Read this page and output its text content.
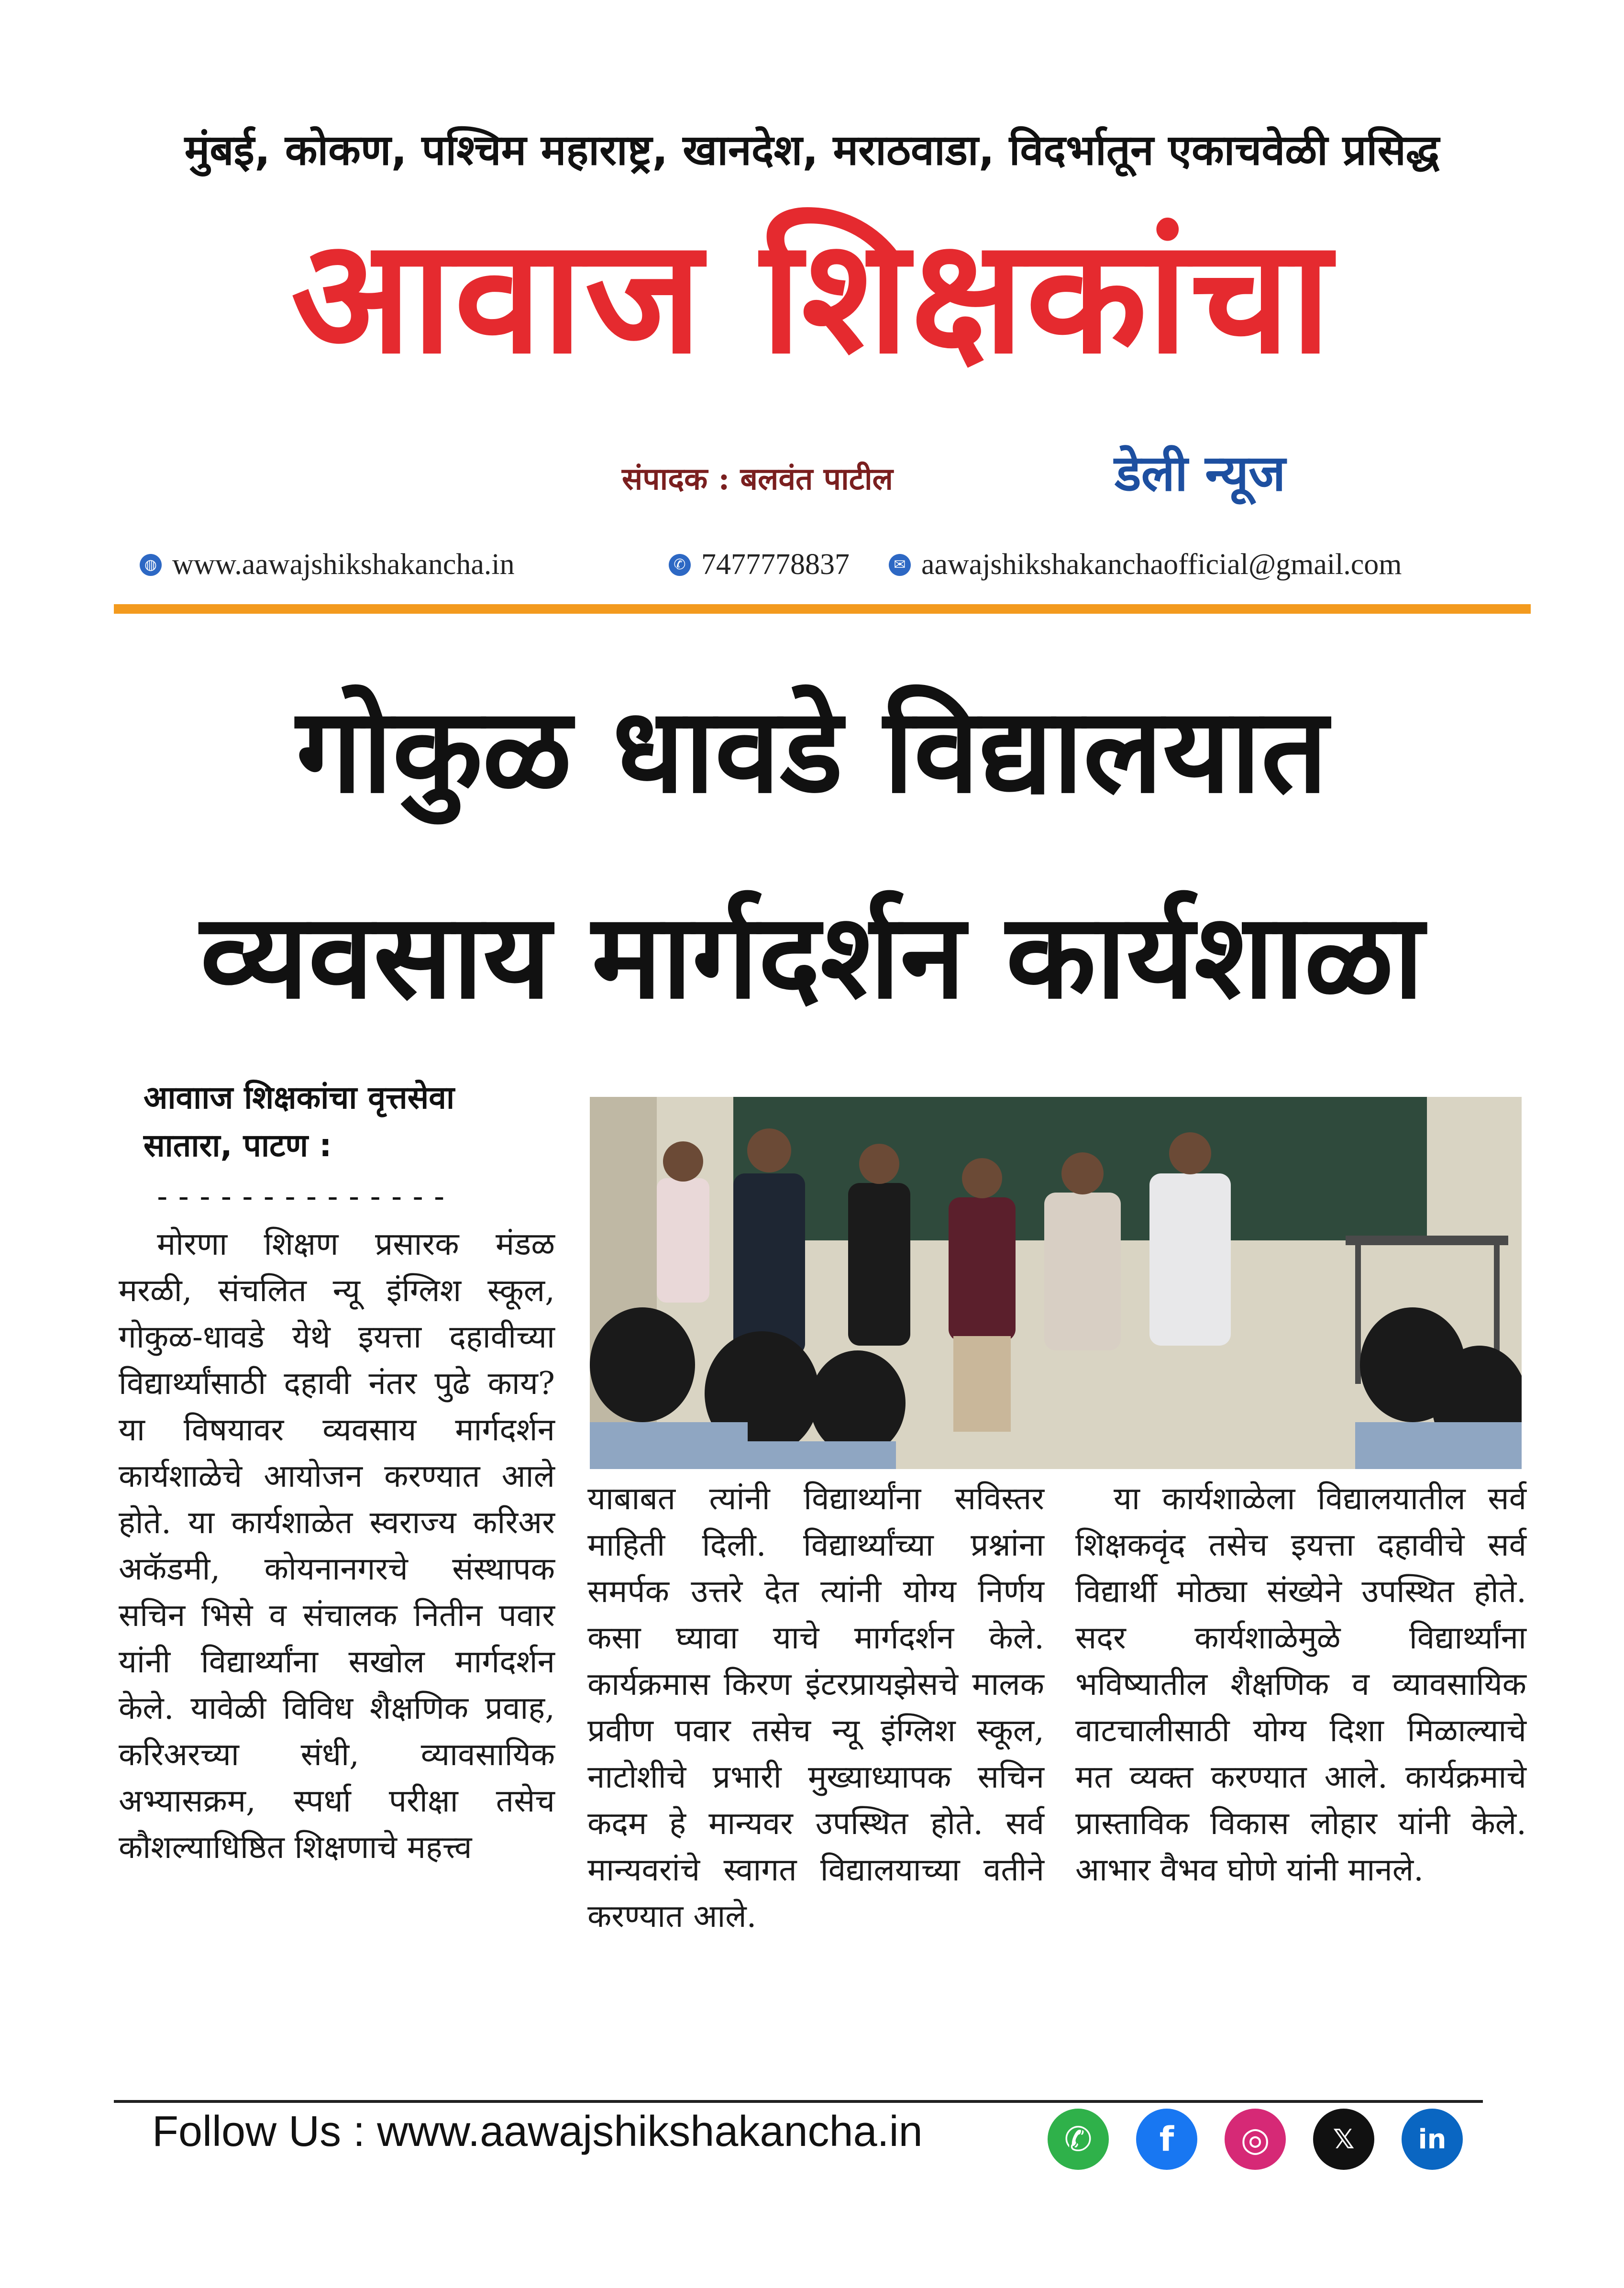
मुंबई, कोकण, पश्चिम महाराष्ट्र, खानदेश, मराठवाडा, विदर्भातून एकाचवेळी प्रसिद्ध
आवाज शिक्षकांचा
संपादक : बलवंत पाटील	डेली न्यूज
◍ www.aawajshikshakancha.in	✆ 7477778837	✉ aawajshikshakanchaofficial@gmail.com
गोकुळ धावडे विद्यालयात
व्यवसाय मार्गदर्शन कार्यशाळा
आवााज शिक्षकांचा वृत्तसेवा
सातारा, पाटण :
--------------

मोरणा शिक्षण प्रसारक मंडळ मरळी, संचलित न्यू इंग्लिश स्कूल, गोकुळ-धावडे येथे इयत्ता दहावीच्या विद्यार्थ्यांसाठी दहावी नंतर पुढे काय? या विषयावर व्यवसाय मार्गदर्शन कार्यशाळेचे आयोजन करण्यात आले होते. या कार्यशाळेत स्वराज्य करिअर अकॅडमी, कोयनानगरचे संस्थापक सचिन भिसे व संचालक नितीन पवार यांनी विद्यार्थ्यांना सखोल मार्गदर्शन केले. यावेळी विविध शैक्षणिक प्रवाह, करिअरच्या संधी, व्यावसायिक अभ्यासक्रम, स्पर्धा परीक्षा तसेच कौशल्याधिष्ठित शिक्षणाचे महत्त्व

याबाबत त्यांनी विद्यार्थ्यांना सविस्तर माहिती दिली. विद्यार्थ्यांच्या प्रश्नांना समर्पक उत्तरे देत त्यांनी योग्य निर्णय कसा घ्यावा याचे मार्गदर्शन केले. कार्यक्रमास किरण इंटरप्रायझेसचे मालक प्रवीण पवार तसेच न्यू इंग्लिश स्कूल, नाटोशीचे प्रभारी मुख्याध्यापक सचिन कदम हे मान्यवर उपस्थित होते. सर्व मान्यवरांचे स्वागत विद्यालयाच्या वतीने करण्यात आले.

या कार्यशाळेला विद्यालयातील सर्व शिक्षकवृंद तसेच इयत्ता दहावीचे सर्व विद्यार्थी मोठ्या संख्येने उपस्थित होते. सदर कार्यशाळेमुळे विद्यार्थ्यांना भविष्यातील शैक्षणिक व व्यावसायिक वाटचालीसाठी योग्य दिशा मिळाल्याचे मत व्यक्त करण्यात आले. कार्यक्रमाचे प्रास्ताविक विकास लोहार यांनी केले. आभार वैभव घोणे यांनी मानले.

Follow Us : www.aawajshikshakancha.in	✆	f	◎	𝕏	in
